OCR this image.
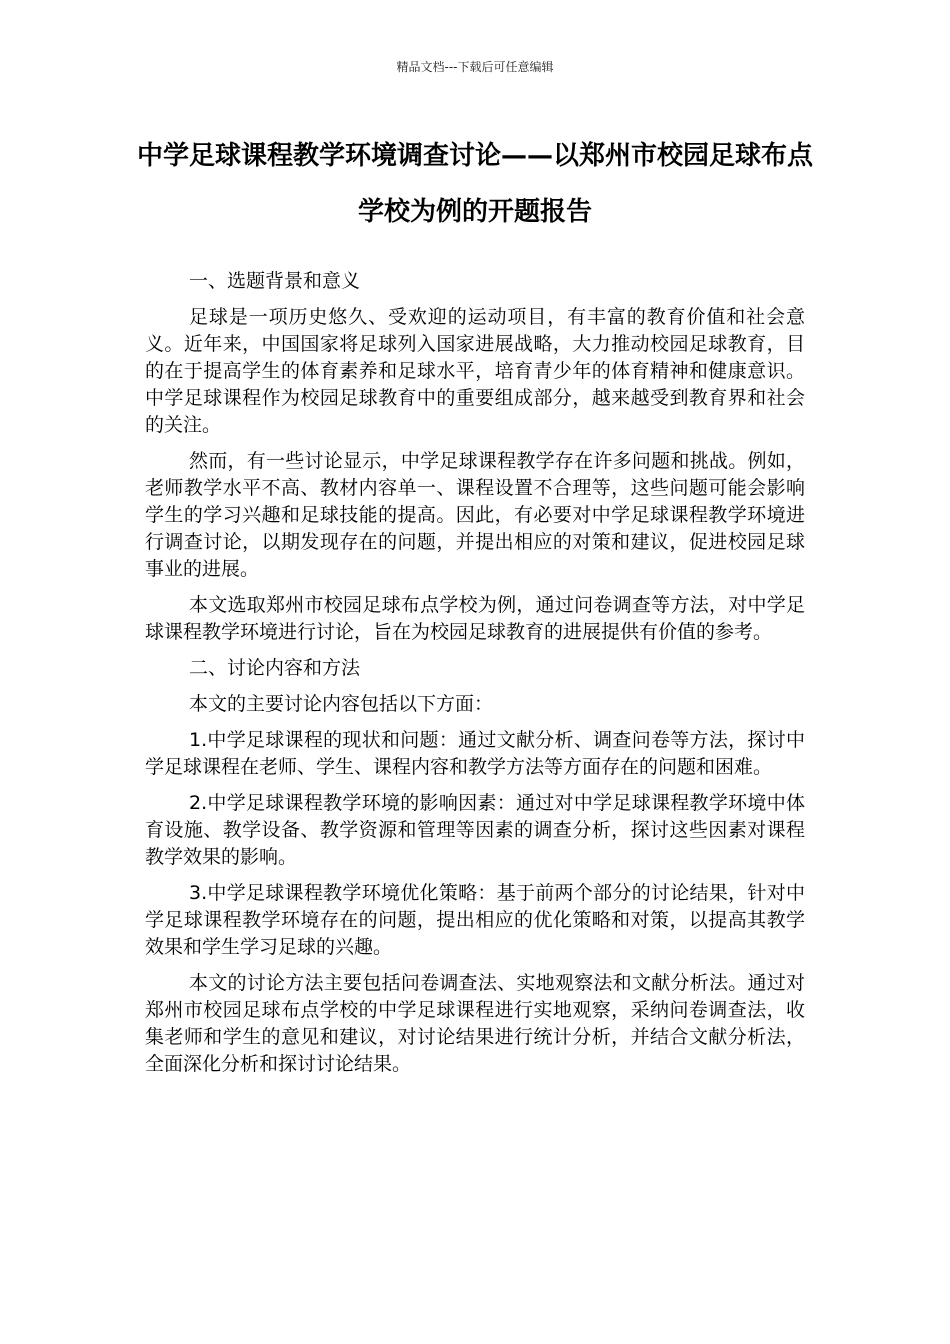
精品文档---下载后可任意编辑
中学足球课程教学环境调查讨论——以郑州市校园足球布点学校为例的开题报告

一、选题背景和意义

足球是一项历史悠久、受欢迎的运动项目，有丰富的教育价值和社会意义。近年来，中国国家将足球列入国家进展战略，大力推动校园足球教育，目的在于提高学生的体育素养和足球水平，培育青少年的体育精神和健康意识。中学足球课程作为校园足球教育中的重要组成部分，越来越受到教育界和社会的关注。

然而，有一些讨论显示，中学足球课程教学存在许多问题和挑战。例如，老师教学水平不高、教材内容单一、课程设置不合理等，这些问题可能会影响学生的学习兴趣和足球技能的提高。因此，有必要对中学足球课程教学环境进行调查讨论，以期发现存在的问题，并提出相应的对策和建议，促进校园足球事业的进展。

本文选取郑州市校园足球布点学校为例，通过问卷调查等方法，对中学足球课程教学环境进行讨论，旨在为校园足球教育的进展提供有价值的参考。

二、讨论内容和方法

本文的主要讨论内容包括以下方面：

1.中学足球课程的现状和问题：通过文献分析、调查问卷等方法，探讨中学足球课程在老师、学生、课程内容和教学方法等方面存在的问题和困难。

2.中学足球课程教学环境的影响因素：通过对中学足球课程教学环境中体育设施、教学设备、教学资源和管理等因素的调查分析，探讨这些因素对课程教学效果的影响。

3.中学足球课程教学环境优化策略：基于前两个部分的讨论结果，针对中学足球课程教学环境存在的问题，提出相应的优化策略和对策，以提高其教学效果和学生学习足球的兴趣。

本文的讨论方法主要包括问卷调查法、实地观察法和文献分析法。通过对郑州市校园足球布点学校的中学足球课程进行实地观察，采纳问卷调查法，收集老师和学生的意见和建议，对讨论结果进行统计分析，并结合文献分析法，全面深化分析和探讨讨论结果。
